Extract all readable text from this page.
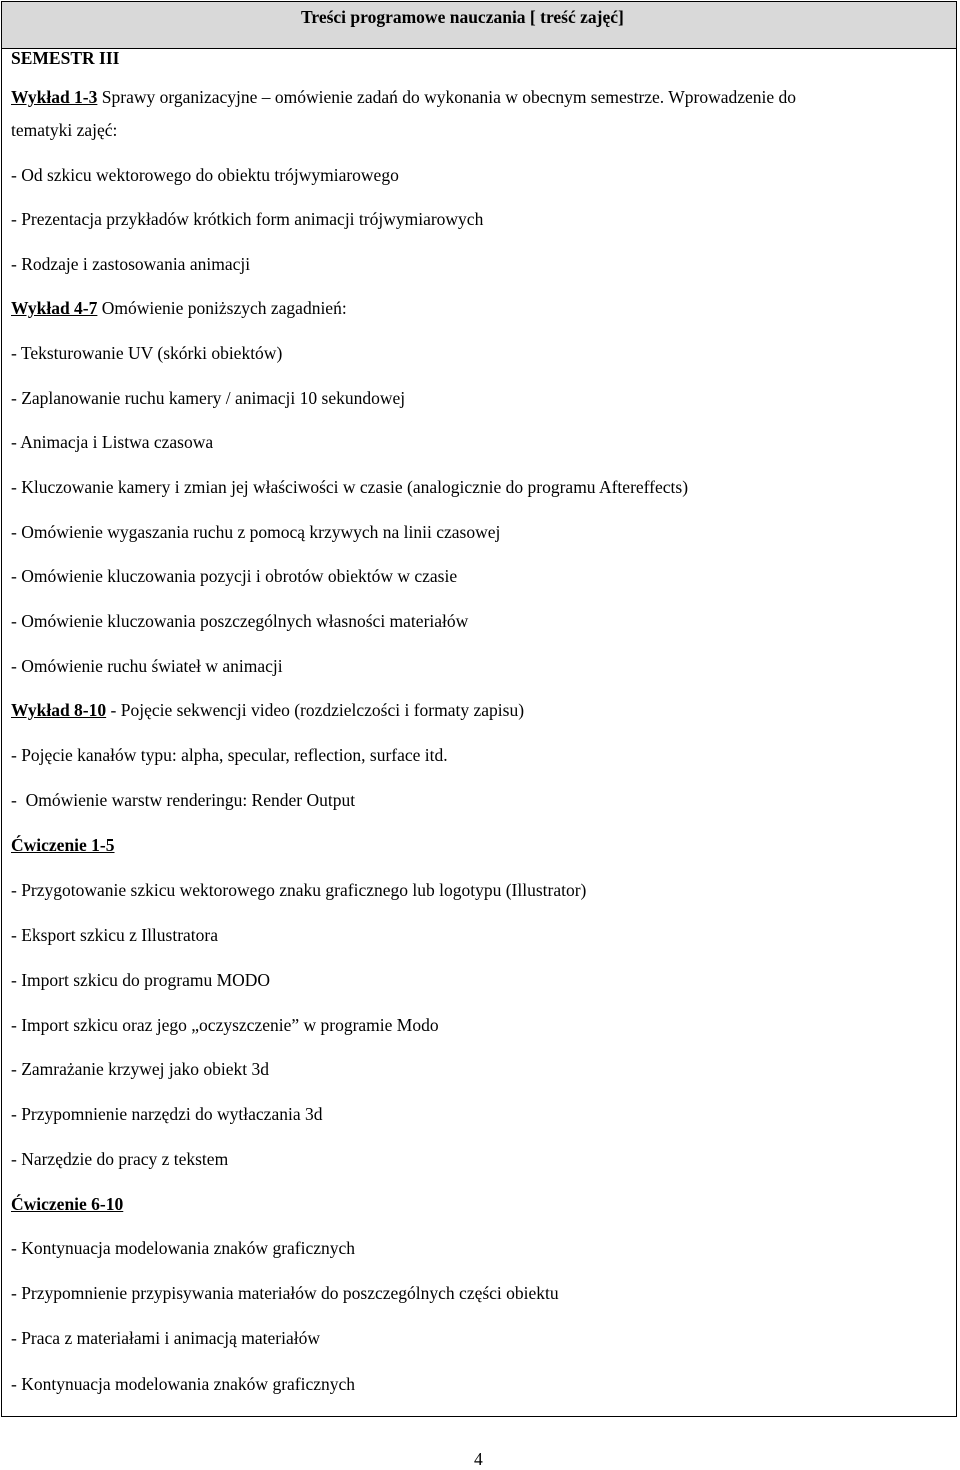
Treści programowe nauczania [ treść zajęć]
SEMESTR III
Wykład 1-3 Sprawy organizacyjne – omówienie zadań do wykonania w obecnym semestrze. Wprowadzenie do
tematyki zajęć:
- Od szkicu wektorowego do obiektu trójwymiarowego
- Prezentacja przykładów krótkich form animacji trójwymiarowych
- Rodzaje i zastosowania animacji
Wykład 4-7 Omówienie poniższych zagadnień:
- Teksturowanie UV (skórki obiektów)
- Zaplanowanie ruchu kamery / animacji 10 sekundowej
- Animacja i Listwa czasowa
- Kluczowanie kamery i zmian jej właściwości w czasie (analogicznie do programu Aftereffects)
- Omówienie wygaszania ruchu z pomocą krzywych na linii czasowej
- Omówienie kluczowania pozycji i obrotów obiektów w czasie
- Omówienie kluczowania poszczególnych własności materiałów
- Omówienie ruchu świateł w animacji
Wykład 8-10 - Pojęcie sekwencji video (rozdzielczości i formaty zapisu)
- Pojęcie kanałów typu: alpha, specular, reflection, surface itd.
-  Omówienie warstw renderingu: Render Output
Ćwiczenie 1-5
- Przygotowanie szkicu wektorowego znaku graficznego lub logotypu (Illustrator)
- Eksport szkicu z Illustratora
- Import szkicu do programu MODO
- Import szkicu oraz jego „oczyszczenie” w programie Modo
- Zamrażanie krzywej jako obiekt 3d
- Przypomnienie narzędzi do wytłaczania 3d
- Narzędzie do pracy z tekstem
Ćwiczenie 6-10
- Kontynuacja modelowania znaków graficznych
- Przypomnienie przypisywania materiałów do poszczególnych części obiektu
- Praca z materiałami i animacją materiałów
- Kontynuacja modelowania znaków graficznych
4
